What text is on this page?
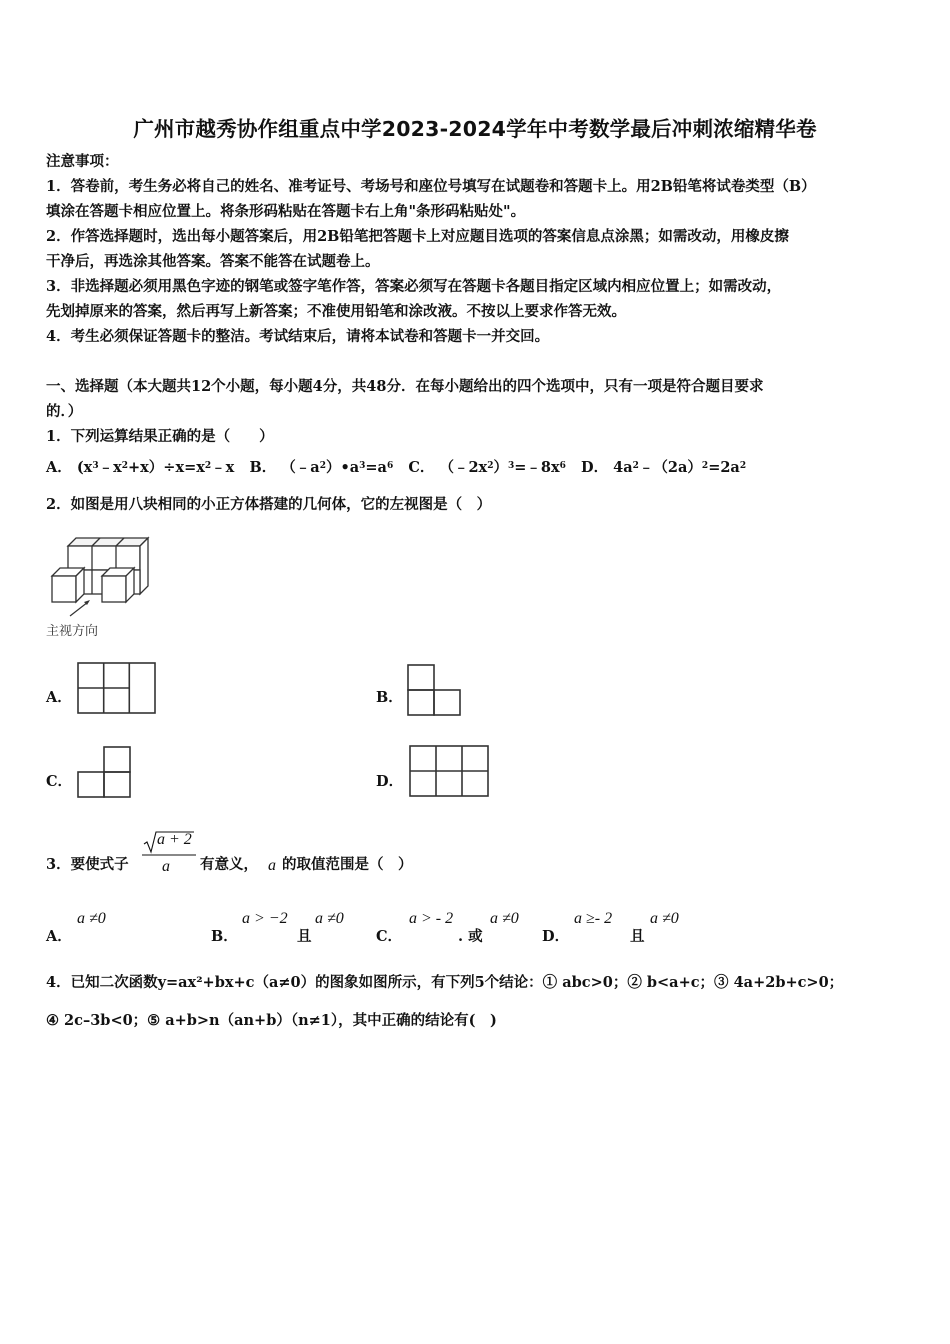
广州市越秀协作组重点中学2023-2024学年中考数学最后冲刺浓缩精华卷
注意事项：
1．答卷前，考生务必将自己的姓名、准考证号、考场号和座位号填写在试题卷和答题卡上。用2B铅笔将试卷类型（B）
填涂在答题卡相应位置上。将条形码粘贴在答题卡右上角"条形码粘贴处"。
2．作答选择题时，选出每小题答案后，用2B铅笔把答题卡上对应题目选项的答案信息点涂黑；如需改动，用橡皮擦
干净后，再选涂其他答案。答案不能答在试题卷上。
3．非选择题必须用黑色字迹的钢笔或签字笔作答，答案必须写在答题卡各题目指定区域内相应位置上；如需改动，
先划掉原来的答案，然后再写上新答案；不准使用铅笔和涂改液。不按以上要求作答无效。
4．考生必须保证答题卡的整洁。考试结束后，请将本试卷和答题卡一并交回。
一、选择题（本大题共12个小题，每小题4分，共48分．在每小题给出的四个选项中，只有一项是符合题目要求
的．）
1．下列运算结果正确的是（　　）
A． $(x^3﹣x^2+x)\div x=x^2﹣x$   B． $(﹣a^2)•a^3=a^6$ C． $(﹣2x^2)^3=﹣8x^6$ D． $4a^2﹣(2a)^2=2a^2$
2．如图是用八块相同的小正方体搭建的几何体，它的左视图是（　）
主视方向
A．	B．
C．	D．
3．要使式子
a + 2
a 有意义， a 的取值范围是（　）
A．
a ≠0
B．
a > −2
且
a ≠0
C．
a > - 2
. 或
a ≠0
D．
a ≥- 2
且
a ≠0
4．已知二次函数y=ax²+bx+c（a≠0）的图象如图所示，有下列5个结论：① abc>0；② b<a+c；③ 4a+2b+c>0；
④ 2c–3b<0；⑤ a+b>n（an+b）（n≠1），其中正确的结论有(　)
